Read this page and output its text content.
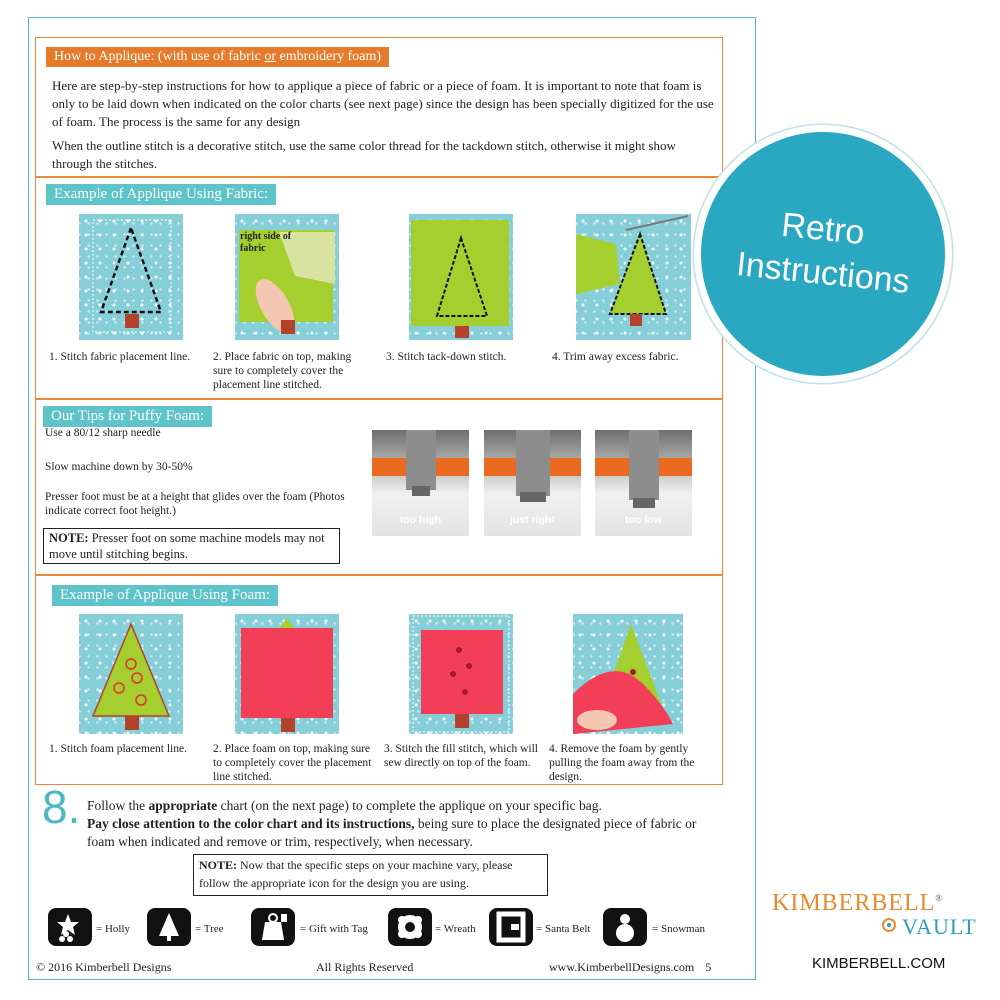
How to Applique: (with use of fabric or embroidery foam)
Here are step-by-step instructions for how to applique a piece of fabric or a piece of foam. It is important to note that foam is only to be laid down when indicated on the color charts (see next page) since the design has been specially digitized for the use of foam. The process is the same for any design
When the outline stitch is a decorative stitch, use the same color thread for the tackdown stitch, otherwise it might show through the stitches.
Example of Applique Using Fabric:
right side of fabric
1. Stitch fabric placement line.	2. Place fabric on top, making sure to completely cover the placement line stitched.
3. Stitch tack-down stitch.	4. Trim away excess fabric.
Our Tips for Puffy Foam:
Use a 80/12 sharp needle
Slow machine down by 30-50%
Presser foot must be at a height that glides over the foam (Photos indicate correct foot height.)
NOTE: Presser foot on some machine models may not move until stitching begins.
too high	just right	too low
Example of Applique Using Foam:
1. Stitch foam placement line.	2. Place foam on top, making sure to completely cover the placement line stitched.
3. Stitch the fill stitch, which will sew directly on top of the foam.
4. Remove the foam by gently pulling the foam away from the design.
8. Follow the appropriate chart (on the next page) to complete the applique on your specific bag.
Pay close attention to the color chart and its instructions, being sure to place the designated piece of fabric or foam when indicated and remove or trim, respectively, when necessary.
NOTE: Now that the specific steps on your machine vary, please follow the appropriate icon for the design you are using.
= Holly	= Tree	= Gift with Tag	= Wreath	= Santa Belt	= Snowman
© 2016 Kimberbell Designs	All Rights Reserved	www.KimberbellDesigns.com 5
Retro
Instructions
KIMBERBELL®
VAULT
KIMBERBELL.COM
